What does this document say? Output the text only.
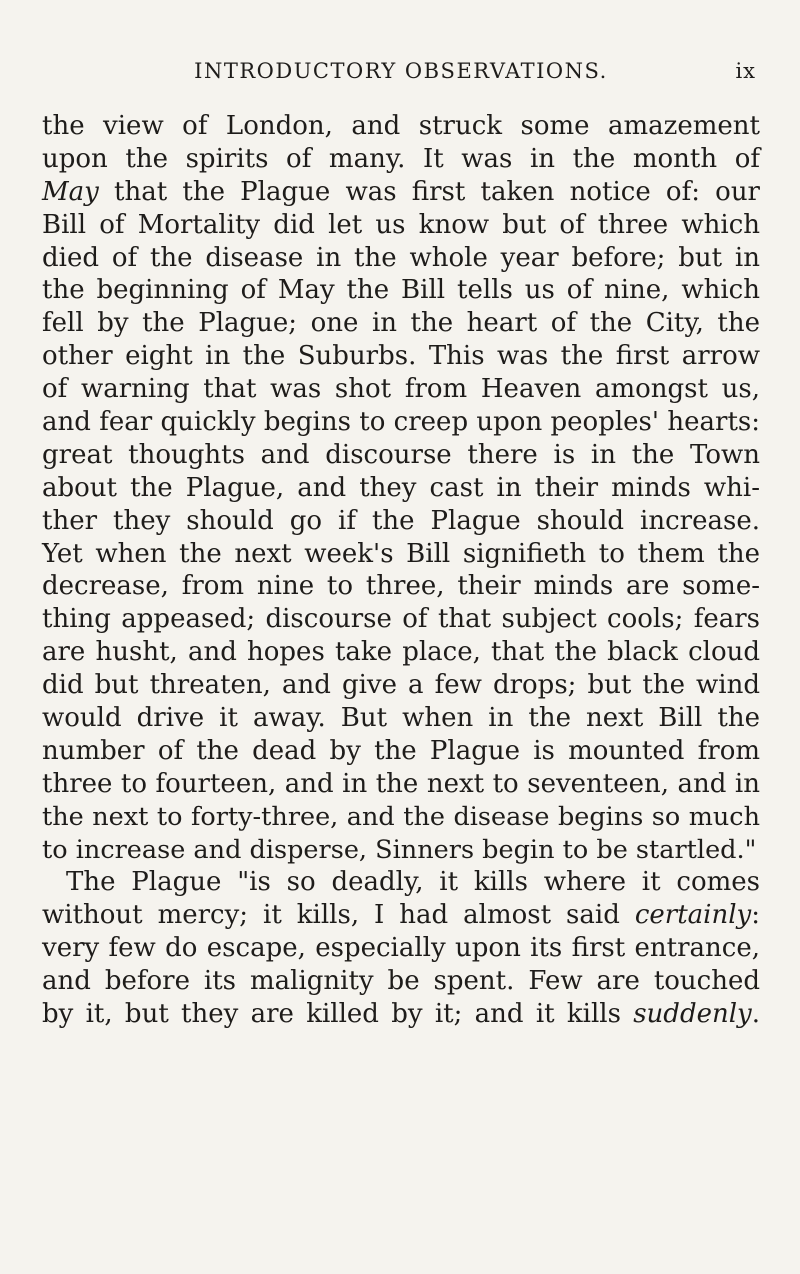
INTRODUCTORY OBSERVATIONS.	ix
the view of London, and struck some amazement
upon the spirits of many. It was in the month of
May that the Plague was first taken notice of: our
Bill of Mortality did let us know but of three which
died of the disease in the whole year before; but in
the beginning of May the Bill tells us of nine, which
fell by the Plague; one in the heart of the City, the
other eight in the Suburbs. This was the first arrow
of warning that was shot from Heaven amongst us,
and fear quickly begins to creep upon peoples' hearts:
great thoughts and discourse there is in the Town
about the Plague, and they cast in their minds whi-
ther they should go if the Plague should increase.
Yet when the next week's Bill signifieth to them the
decrease, from nine to three, their minds are some-
thing appeased; discourse of that subject cools; fears
are husht, and hopes take place, that the black cloud
did but threaten, and give a few drops; but the wind
would drive it away. But when in the next Bill the
number of the dead by the Plague is mounted from
three to fourteen, and in the next to seventeen, and in
the next to forty-three, and the disease begins so much
to increase and disperse, Sinners begin to be startled."
The Plague "is so deadly, it kills where it comes
without mercy; it kills, I had almost said certainly:
very few do escape, especially upon its first entrance,
and before its malignity be spent. Few are touched
by it, but they are killed by it; and it kills suddenly.
